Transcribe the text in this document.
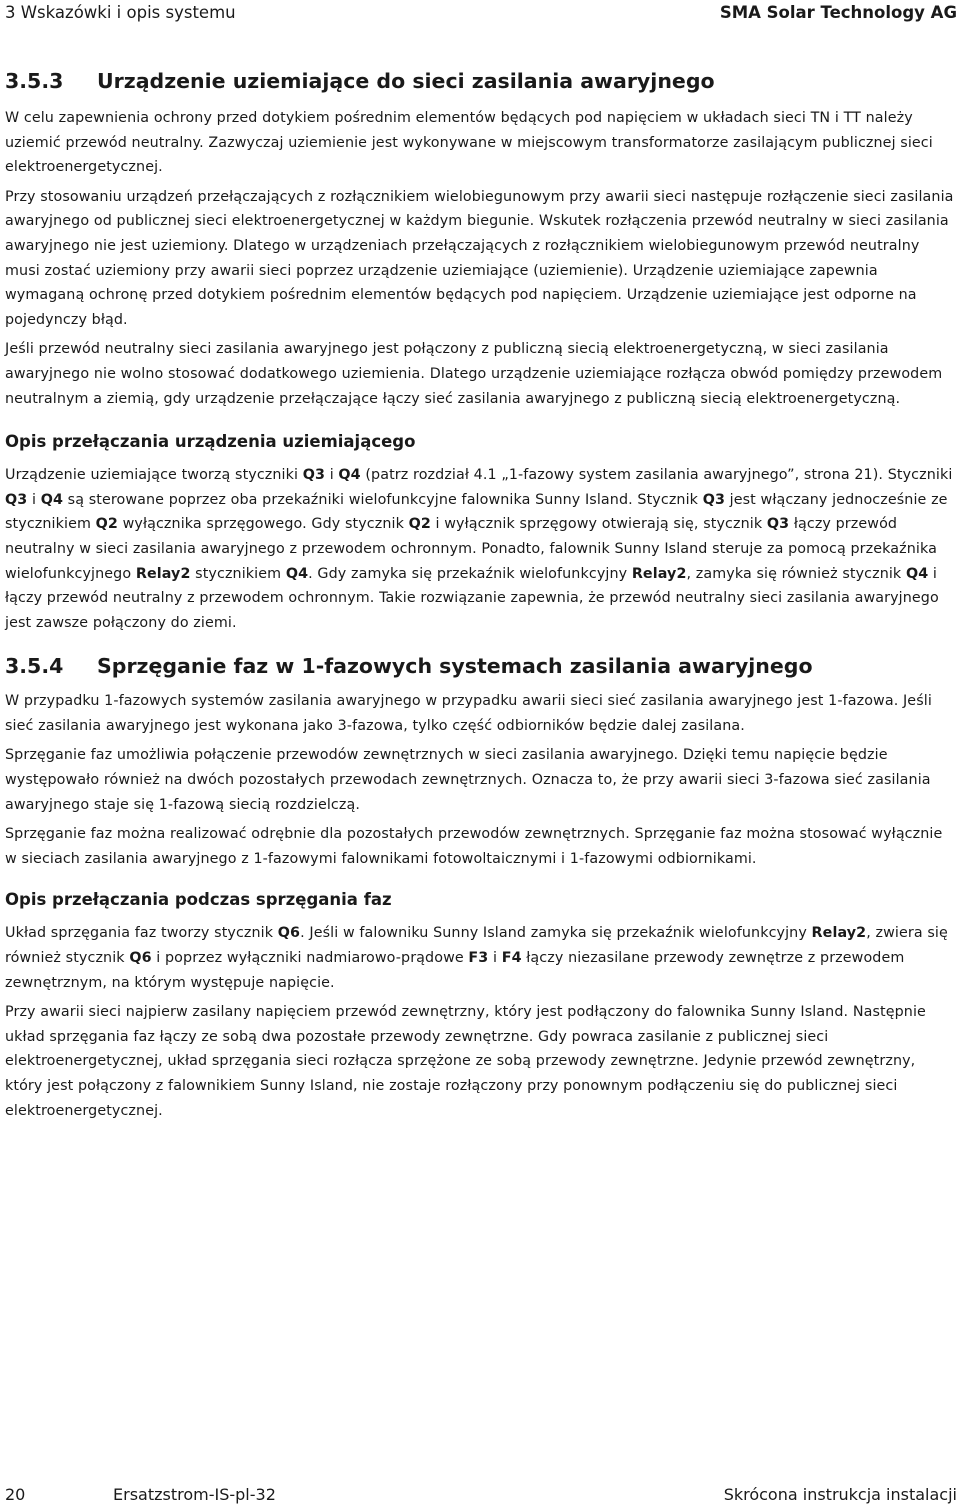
3 Wskazówki i opis systemu	SMA Solar Technology AG
3.5.3 Urządzenie uziemiające do sieci zasilania awaryjnego

W celu zapewnienia ochrony przed dotykiem pośrednim elementów będących pod napięciem w układach sieci TN i TT należy uziemić przewód neutralny. Zazwyczaj uziemienie jest wykonywane w miejscowym transformatorze zasilającym publicznej sieci elektroenergetycznej.

Przy stosowaniu urządzeń przełączających z rozłącznikiem wielobiegunowym przy awarii sieci następuje rozłączenie sieci zasilania awaryjnego od publicznej sieci elektroenergetycznej w każdym biegunie. Wskutek rozłączenia przewód neutralny w sieci zasilania awaryjnego nie jest uziemiony. Dlatego w urządzeniach przełączających z rozłącznikiem wielobiegunowym przewód neutralny musi zostać uziemiony przy awarii sieci poprzez urządzenie uziemiające (uziemienie). Urządzenie uziemiające zapewnia wymaganą ochronę przed dotykiem pośrednim elementów będących pod napięciem. Urządzenie uziemiające jest odporne na pojedynczy błąd.

Jeśli przewód neutralny sieci zasilania awaryjnego jest połączony z publiczną siecią elektroenergetyczną, w sieci zasilania awaryjnego nie wolno stosować dodatkowego uziemienia. Dlatego urządzenie uziemiające rozłącza obwód pomiędzy przewodem neutralnym a ziemią, gdy urządzenie przełączające łączy sieć zasilania awaryjnego z publiczną siecią elektroenergetyczną.

Opis przełączania urządzenia uziemiającego

Urządzenie uziemiające tworzą styczniki Q3 i Q4 (patrz rozdział 4.1 „1-fazowy system zasilania awaryjnego”, strona 21). Styczniki Q3 i Q4 są sterowane poprzez oba przekaźniki wielofunkcyjne falownika Sunny Island. Stycznik Q3 jest włączany jednocześnie ze stycznikiem Q2 wyłącznika sprzęgowego. Gdy stycznik Q2 i wyłącznik sprzęgowy otwierają się, stycznik Q3 łączy przewód neutralny w sieci zasilania awaryjnego z przewodem ochronnym. Ponadto, falownik Sunny Island steruje za pomocą przekaźnika wielofunkcyjnego Relay2 stycznikiem Q4. Gdy zamyka się przekaźnik wielofunkcyjny Relay2, zamyka się również stycznik Q4 i łączy przewód neutralny z przewodem ochronnym. Takie rozwiązanie zapewnia, że przewód neutralny sieci zasilania awaryjnego jest zawsze połączony do ziemi.

3.5.4 Sprzęganie faz w 1-fazowych systemach zasilania awaryjnego

W przypadku 1-fazowych systemów zasilania awaryjnego w przypadku awarii sieci sieć zasilania awaryjnego jest 1-fazowa. Jeśli sieć zasilania awaryjnego jest wykonana jako 3-fazowa, tylko część odbiorników będzie dalej zasilana.

Sprzęganie faz umożliwia połączenie przewodów zewnętrznych w sieci zasilania awaryjnego. Dzięki temu napięcie będzie występowało również na dwóch pozostałych przewodach zewnętrznych. Oznacza to, że przy awarii sieci 3-fazowa sieć zasilania awaryjnego staje się 1-fazową siecią rozdzielczą.

Sprzęganie faz można realizować odrębnie dla pozostałych przewodów zewnętrznych. Sprzęganie faz można stosować wyłącznie w sieciach zasilania awaryjnego z 1-fazowymi falownikami fotowoltaicznymi i 1-fazowymi odbiornikami.

Opis przełączania podczas sprzęgania faz

Układ sprzęgania faz tworzy stycznik Q6. Jeśli w falowniku Sunny Island zamyka się przekaźnik wielofunkcyjny Relay2, zwiera się również stycznik Q6 i poprzez wyłączniki nadmiarowo-prądowe F3 i F4 łączy niezasilane przewody zewnętrze z przewodem zewnętrznym, na którym występuje napięcie.

Przy awarii sieci najpierw zasilany napięciem przewód zewnętrzny, który jest podłączony do falownika Sunny Island. Następnie układ sprzęgania faz łączy ze sobą dwa pozostałe przewody zewnętrzne. Gdy powraca zasilanie z publicznej sieci elektroenergetycznej, układ sprzęgania sieci rozłącza sprzężone ze sobą przewody zewnętrzne. Jedynie przewód zewnętrzny, który jest połączony z falownikiem Sunny Island, nie zostaje rozłączony przy ponownym podłączeniu się do publicznej sieci elektroenergetycznej.

20	Ersatzstrom-IS-pl-32	Skrócona instrukcja instalacji
